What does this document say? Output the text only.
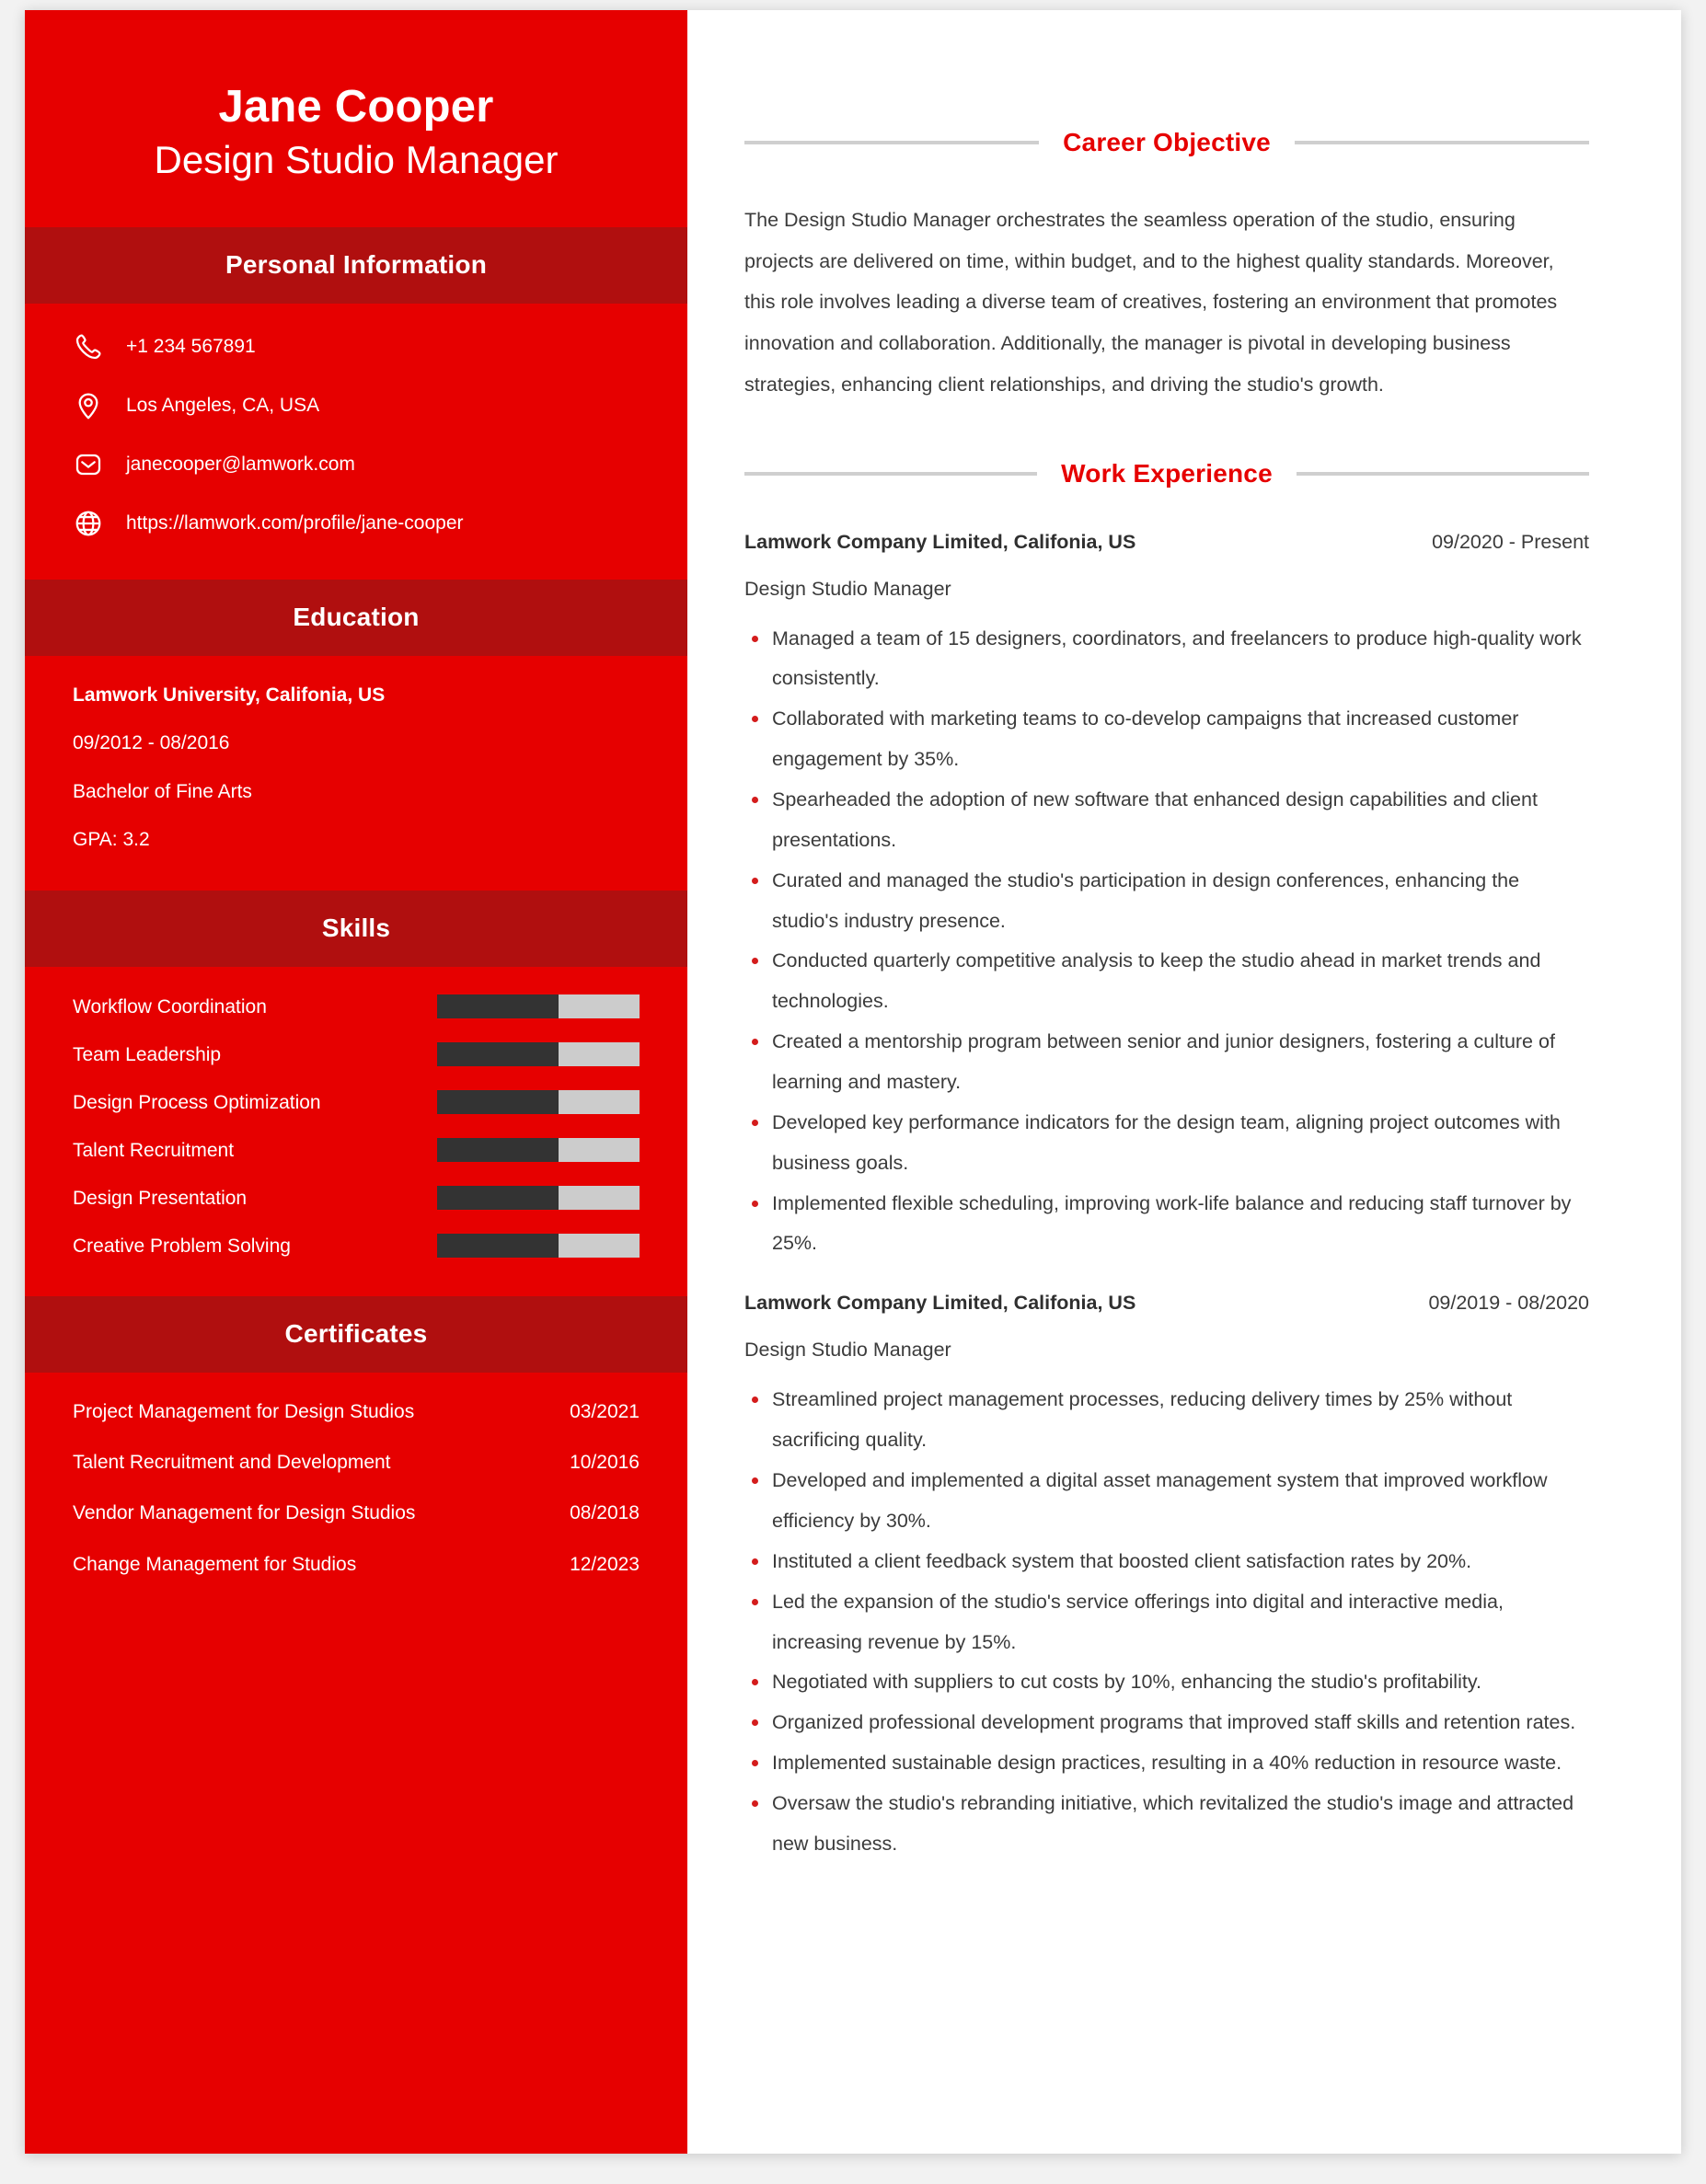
Jane Cooper
Design Studio Manager
Personal Information
+1 234 567891
Los Angeles, CA, USA
janecooper@lamwork.com
https://lamwork.com/profile/jane-cooper
Education
Lamwork University, Califonia, US
09/2012 - 08/2016
Bachelor of Fine Arts
GPA: 3.2
Skills
Workflow Coordination
Team Leadership
Design Process Optimization
Talent Recruitment
Design Presentation
Creative Problem Solving
Certificates
Project Management for Design Studios	03/2021
Talent Recruitment and Development	10/2016
Vendor Management for Design Studios	08/2018
Change Management for Studios	12/2023
Career Objective

The Design Studio Manager orchestrates the seamless operation of the studio, ensuring projects are delivered on time, within budget, and to the highest quality standards. Moreover, this role involves leading a diverse team of creatives, fostering an environment that promotes innovation and collaboration. Additionally, the manager is pivotal in developing business strategies, enhancing client relationships, and driving the studio's growth.

Work Experience
Lamwork Company Limited, Califonia, US	09/2020 - Present
Design Studio Manager
Managed a team of 15 designers, coordinators, and freelancers to produce high-quality work consistently.
Collaborated with marketing teams to co-develop campaigns that increased customer engagement by 35%.
Spearheaded the adoption of new software that enhanced design capabilities and client presentations.
Curated and managed the studio's participation in design conferences, enhancing the studio's industry presence.
Conducted quarterly competitive analysis to keep the studio ahead in market trends and technologies.
Created a mentorship program between senior and junior designers, fostering a culture of learning and mastery.
Developed key performance indicators for the design team, aligning project outcomes with business goals.
Implemented flexible scheduling, improving work-life balance and reducing staff turnover by 25%.
Lamwork Company Limited, Califonia, US	09/2019 - 08/2020
Design Studio Manager
Streamlined project management processes, reducing delivery times by 25% without sacrificing quality.
Developed and implemented a digital asset management system that improved workflow efficiency by 30%.
Instituted a client feedback system that boosted client satisfaction rates by 20%.
Led the expansion of the studio's service offerings into digital and interactive media, increasing revenue by 15%.
Negotiated with suppliers to cut costs by 10%, enhancing the studio's profitability.
Organized professional development programs that improved staff skills and retention rates.
Implemented sustainable design practices, resulting in a 40% reduction in resource waste.
Oversaw the studio's rebranding initiative, which revitalized the studio's image and attracted new business.
